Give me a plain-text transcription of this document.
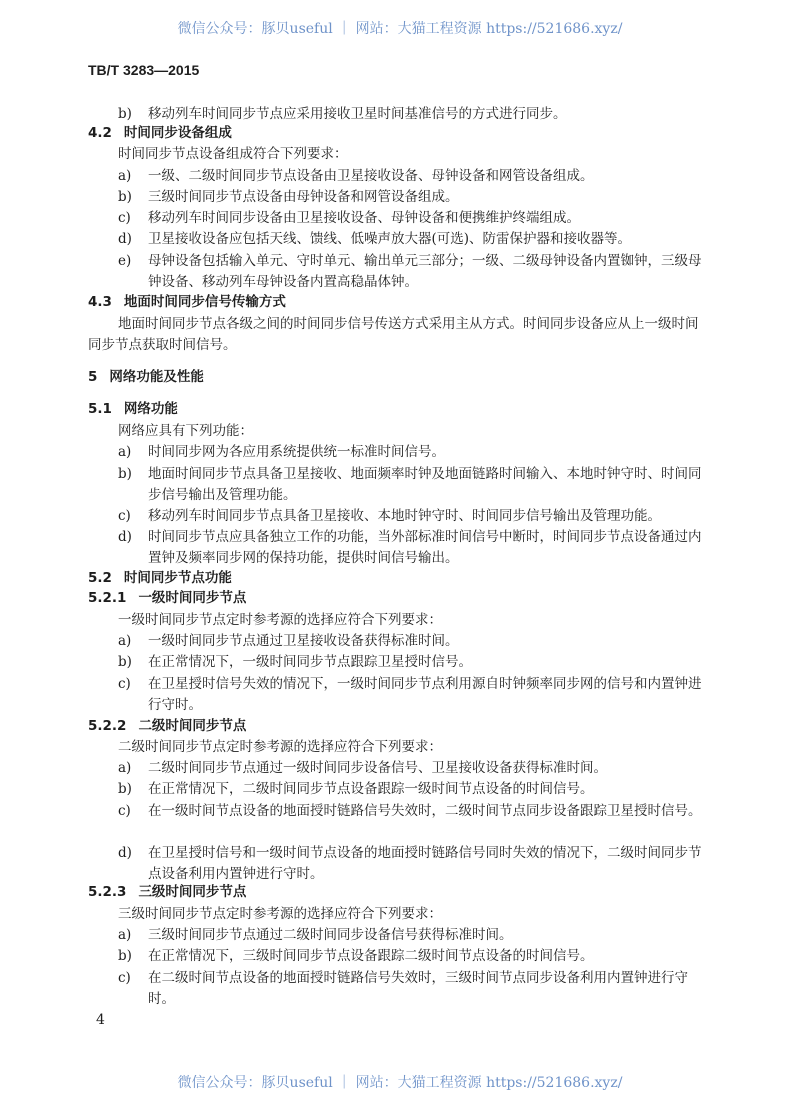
微信公众号：豚贝useful ｜ 网站：大猫工程资源 https://521686.xyz/
TB/T 3283—2015
b) 移动列车时间同步节点应采用接收卫星时间基准信号的方式进行同步。
4.2 时间同步设备组成
时间同步节点设备组成符合下列要求：
a) 一级、二级时间同步节点设备由卫星接收设备、母钟设备和网管设备组成。
b) 三级时间同步节点设备由母钟设备和网管设备组成。
c) 移动列车时间同步设备由卫星接收设备、母钟设备和便携维护终端组成。
d) 卫星接收设备应包括天线、馈线、低噪声放大器(可选)、防雷保护器和接收器等。
e) 母钟设备包括输入单元、守时单元、输出单元三部分；一级、二级母钟设备内置铷钟，三级母钟设备、移动列车母钟设备内置高稳晶体钟。
4.3 地面时间同步信号传输方式
地面时间同步节点各级之间的时间同步信号传送方式采用主从方式。时间同步设备应从上一级时间同步节点获取时间信号。
5 网络功能及性能
5.1 网络功能
网络应具有下列功能：
a) 时间同步网为各应用系统提供统一标准时间信号。
b) 地面时间同步节点具备卫星接收、地面频率时钟及地面链路时间输入、本地时钟守时、时间同步信号输出及管理功能。
c) 移动列车时间同步节点具备卫星接收、本地时钟守时、时间同步信号输出及管理功能。
d) 时间同步节点应具备独立工作的功能，当外部标准时间信号中断时，时间同步节点设备通过内置钟及频率同步网的保持功能，提供时间信号输出。
5.2 时间同步节点功能
5.2.1 一级时间同步节点
一级时间同步节点定时参考源的选择应符合下列要求：
a) 一级时间同步节点通过卫星接收设备获得标准时间。
b) 在正常情况下，一级时间同步节点跟踪卫星授时信号。
c) 在卫星授时信号失效的情况下，一级时间同步节点利用源自时钟频率同步网的信号和内置钟进行守时。
5.2.2 二级时间同步节点
二级时间同步节点定时参考源的选择应符合下列要求：
a) 二级时间同步节点通过一级时间同步设备信号、卫星接收设备获得标准时间。
b) 在正常情况下，二级时间同步节点设备跟踪一级时间节点设备的时间信号。
c) 在一级时间节点设备的地面授时链路信号失效时，二级时间节点同步设备跟踪卫星授时信号。
d) 在卫星授时信号和一级时间节点设备的地面授时链路信号同时失效的情况下，二级时间同步节点设备利用内置钟进行守时。
5.2.3 三级时间同步节点
三级时间同步节点定时参考源的选择应符合下列要求：
a) 三级时间同步节点通过二级时间同步设备信号获得标准时间。
b) 在正常情况下，三级时间同步节点设备跟踪二级时间节点设备的时间信号。
c) 在二级时间节点设备的地面授时链路信号失效时，三级时间节点同步设备利用内置钟进行守时。
4
微信公众号：豚贝useful ｜ 网站：大猫工程资源 https://521686.xyz/
